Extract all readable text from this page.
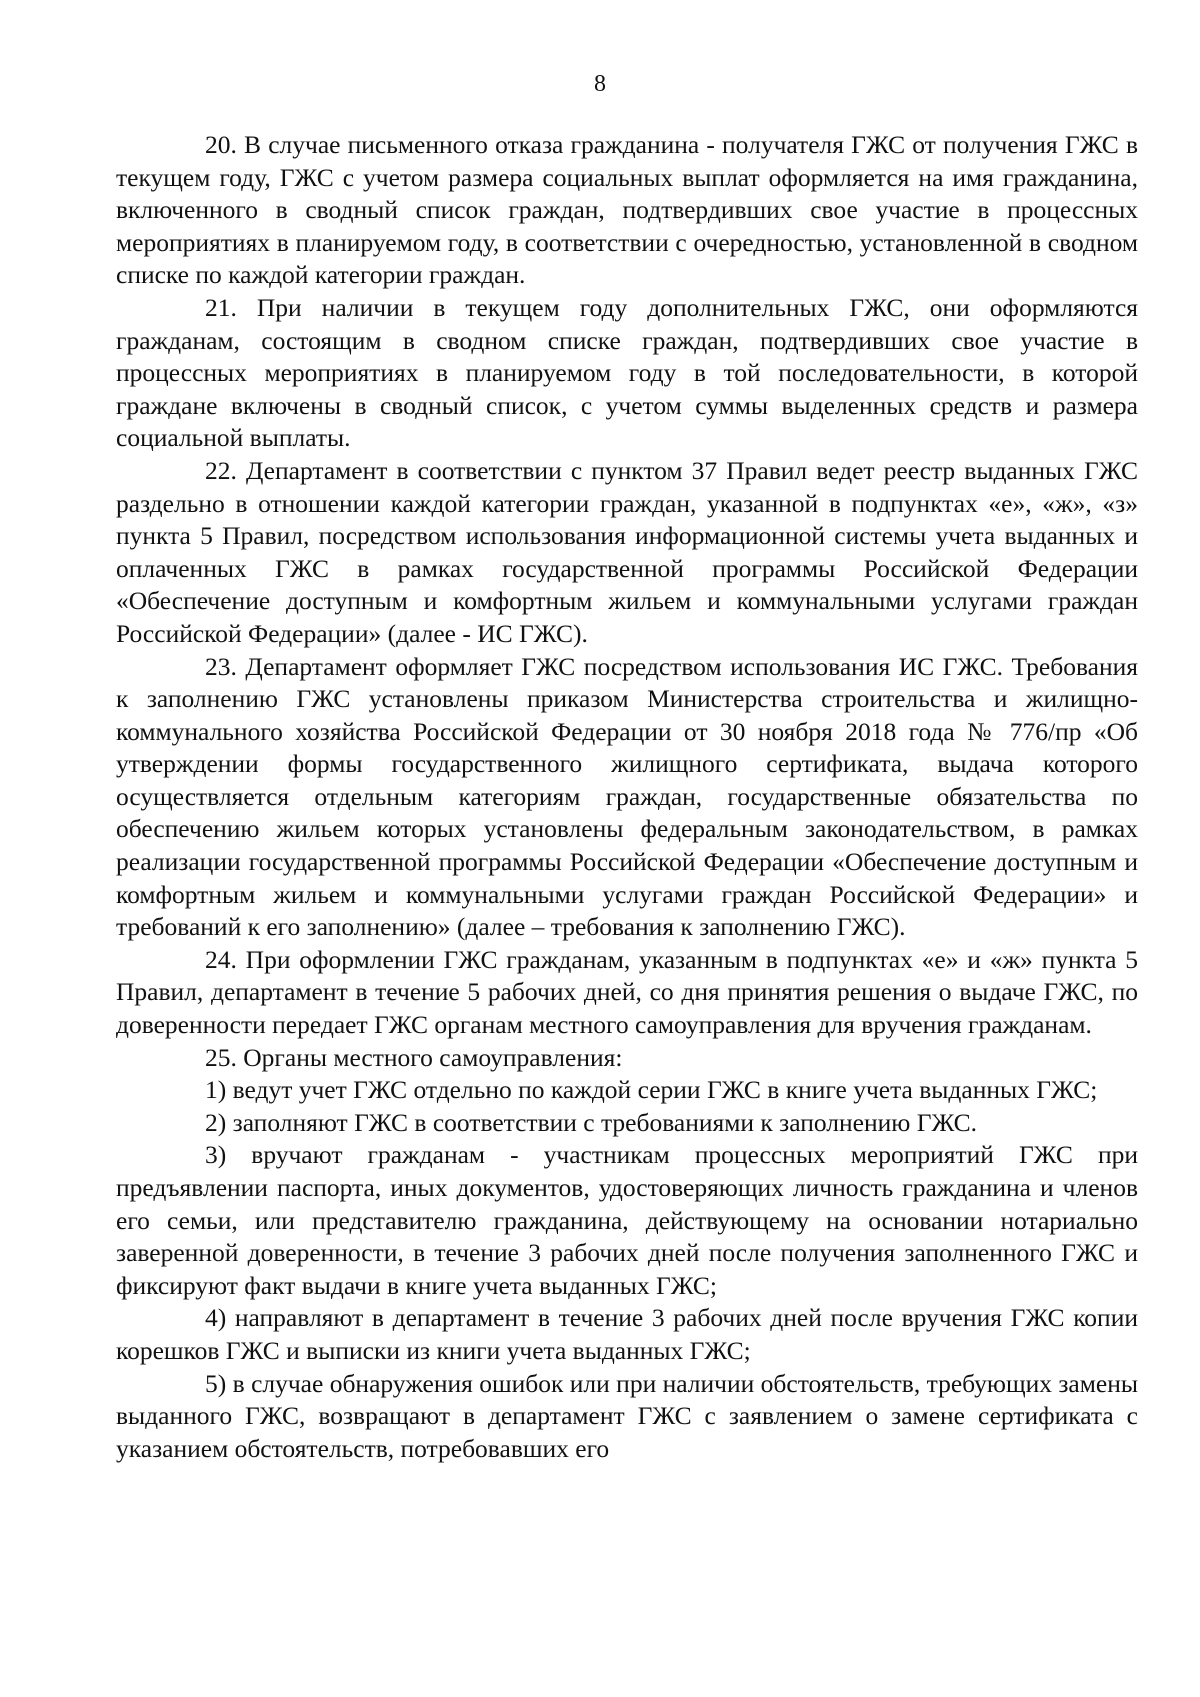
8

20. В случае письменного отказа гражданина - получателя ГЖС от получения ГЖС в текущем году, ГЖС с учетом размера социальных выплат оформляется на имя гражданина, включенного в сводный список граждан, подтвердивших свое участие в процессных мероприятиях в планируемом году, в соответствии с очередностью, установленной в сводном списке по каждой категории граждан.

21. При наличии в текущем году дополнительных ГЖС, они оформляются гражданам, состоящим в сводном списке граждан, подтвердивших свое участие в процессных мероприятиях в планируемом году в той последовательности, в которой граждане включены в сводный список, с учетом суммы выделенных средств и размера социальной выплаты.

22. Департамент в соответствии с пунктом 37 Правил ведет реестр выданных ГЖС раздельно в отношении каждой категории граждан, указанной в подпунктах «е», «ж», «з» пункта 5 Правил, посредством использования информационной системы учета выданных и оплаченных ГЖС в рамках государственной программы Российской Федерации «Обеспечение доступным и комфортным жильем и коммунальными услугами граждан Российской Федерации» (далее - ИС ГЖС).

23. Департамент оформляет ГЖС посредством использования ИС ГЖС. Требования к заполнению ГЖС установлены приказом Министерства строительства и жилищно-коммунального хозяйства Российской Федерации от 30 ноября 2018 года № 776/пр «Об утверждении формы государственного жилищного сертификата, выдача которого осуществляется отдельным категориям граждан, государственные обязательства по обеспечению жильем которых установлены федеральным законодательством, в рамках реализации государственной программы Российской Федерации «Обеспечение доступным и комфортным жильем и коммунальными услугами граждан Российской Федерации» и требований к его заполнению» (далее – требования к заполнению ГЖС).

24. При оформлении ГЖС гражданам, указанным в подпунктах «е» и «ж» пункта 5 Правил, департамент в течение 5 рабочих дней, со дня принятия решения о выдаче ГЖС, по доверенности передает ГЖС органам местного самоуправления для вручения гражданам.

25. Органы местного самоуправления:

1) ведут учет ГЖС отдельно по каждой серии ГЖС в книге учета выданных ГЖС;

2) заполняют ГЖС в соответствии с требованиями к заполнению ГЖС.

3) вручают гражданам - участникам процессных мероприятий ГЖС при предъявлении паспорта, иных документов, удостоверяющих личность гражданина и членов его семьи, или представителю гражданина, действующему на основании нотариально заверенной доверенности, в течение 3 рабочих дней после получения заполненного ГЖС и фиксируют факт выдачи в книге учета выданных ГЖС;

4) направляют в департамент в течение 3 рабочих дней после вручения ГЖС копии корешков ГЖС и выписки из книги учета выданных ГЖС;

5) в случае обнаружения ошибок или при наличии обстоятельств, требующих замены выданного ГЖС, возвращают в департамент ГЖС с заявлением о замене сертификата с указанием обстоятельств, потребовавших его
